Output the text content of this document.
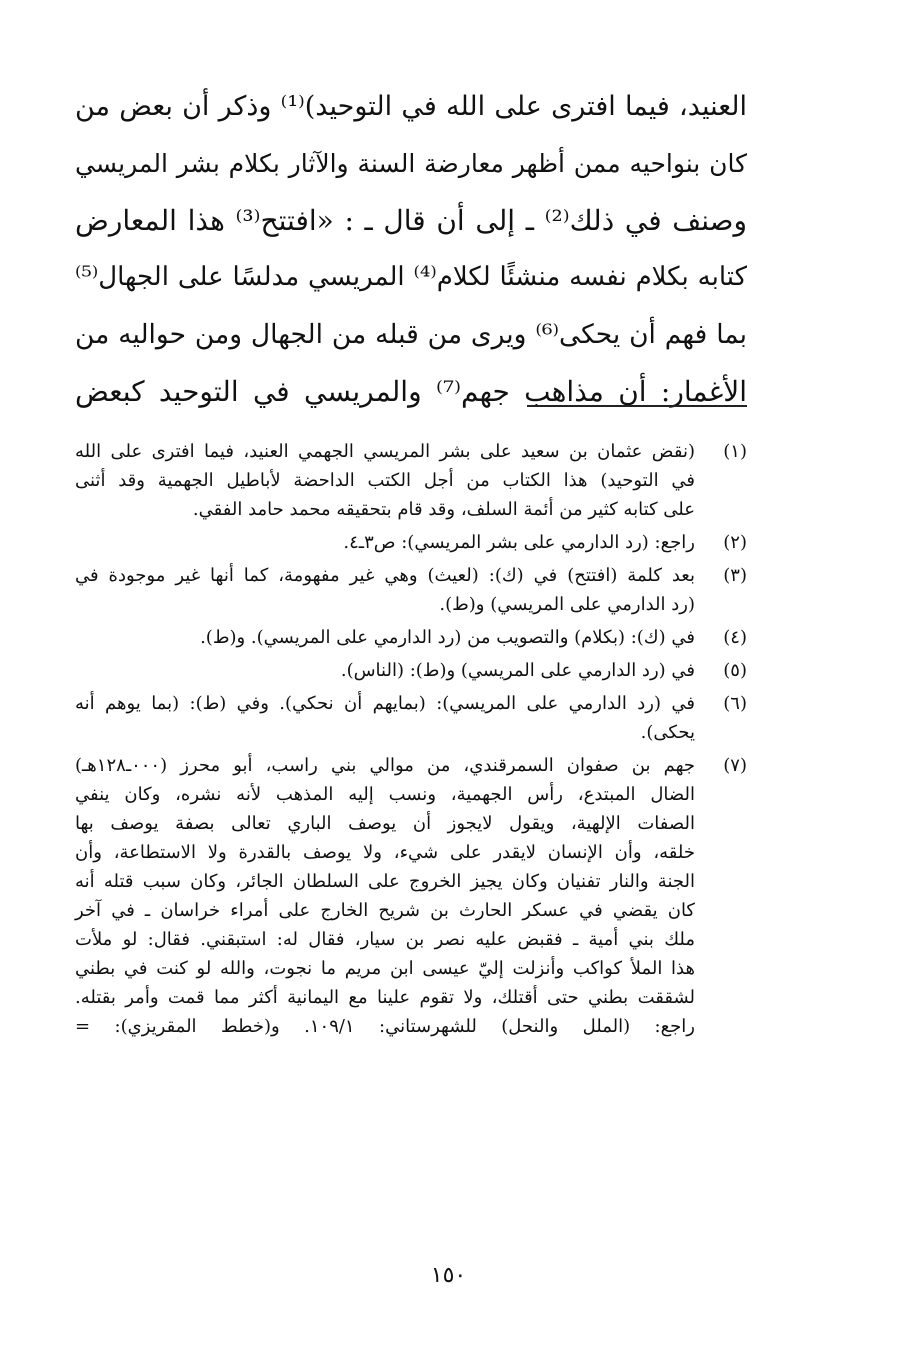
العنيد، فيما افترى على الله في التوحيد)⁽¹⁾ وذكر أن بعض من
كان بنواحيه ممن أظهر معارضة السنة والآثار بكلام بشر المريسي
وصنف في ذلك⁽²⁾ ـ إلى أن قال ـ : «افتتح⁽³⁾ هذا المعارض
كتابه بكلام نفسه منشئًا لكلام⁽⁴⁾ المريسي مدلسًا على الجهال⁽⁵⁾
بما فهم أن يحكى⁽⁶⁾ ويرى من قبله من الجهال ومن حواليه من
الأغمار: أن مذاهب جهم⁽⁷⁾ والمريسي في التوحيد كبعض
(١)
(نقض عثمان بن سعيد على بشر المريسي الجهمي العنيد، فيما افترى على الله
في التوحيد) هذا الكتاب من أجل الكتب الداحضة لأباطيل الجهمية وقد أثنى
على كتابه كثير من أئمة السلف، وقد قام بتحقيقه محمد حامد الفقي.
(٢)
راجع: (رد الدارمي على بشر المريسي): ص٣ـ٤.
(٣)
بعد كلمة (افتتح) في (ك): (لعيث) وهي غير مفهومة، كما أنها غير موجودة في
(رد الدارمي على المريسي) و(ط).
(٤)
في (ك): (بكلام) والتصويب من (رد الدارمي على المريسي). و(ط).
(٥)
في (رد الدارمي على المريسي) و(ط): (الناس).
(٦)
في (رد الدارمي على المريسي): (بمايهم أن نحكي). وفي (ط): (بما يوهم أنه
يحكى).
(٧)
جهم بن صفوان السمرقندي، من موالي بني راسب، أبو محرز (٠٠٠ـ١٢٨هـ)
الضال المبتدع، رأس الجهمية، ونسب إليه المذهب لأنه نشره، وكان ينفي
الصفات الإلهية، ويقول لايجوز أن يوصف الباري تعالى بصفة يوصف بها
خلقه، وأن الإنسان لايقدر على شيء، ولا يوصف بالقدرة ولا الاستطاعة، وأن
الجنة والنار تفنيان وكان يجيز الخروج على السلطان الجائر، وكان سبب قتله أنه
كان يقضي في عسكر الحارث بن شريح الخارج على أمراء خراسان ـ في آخر
ملك بني أمية ـ فقبض عليه نصر بن سيار، فقال له: استبقني. فقال: لو ملأت
هذا الملأ كواكب وأنزلت إليّ عيسى ابن مريم ما نجوت، والله لو كنت في بطني
لشققت بطني حتى أقتلك، ولا تقوم علينا مع اليمانية أكثر مما قمت وأمر بقتله.
راجع: (الملل والنحل) للشهرستاني: ١٠٩/١. و(خطط المقريزي): =
١٥٠
